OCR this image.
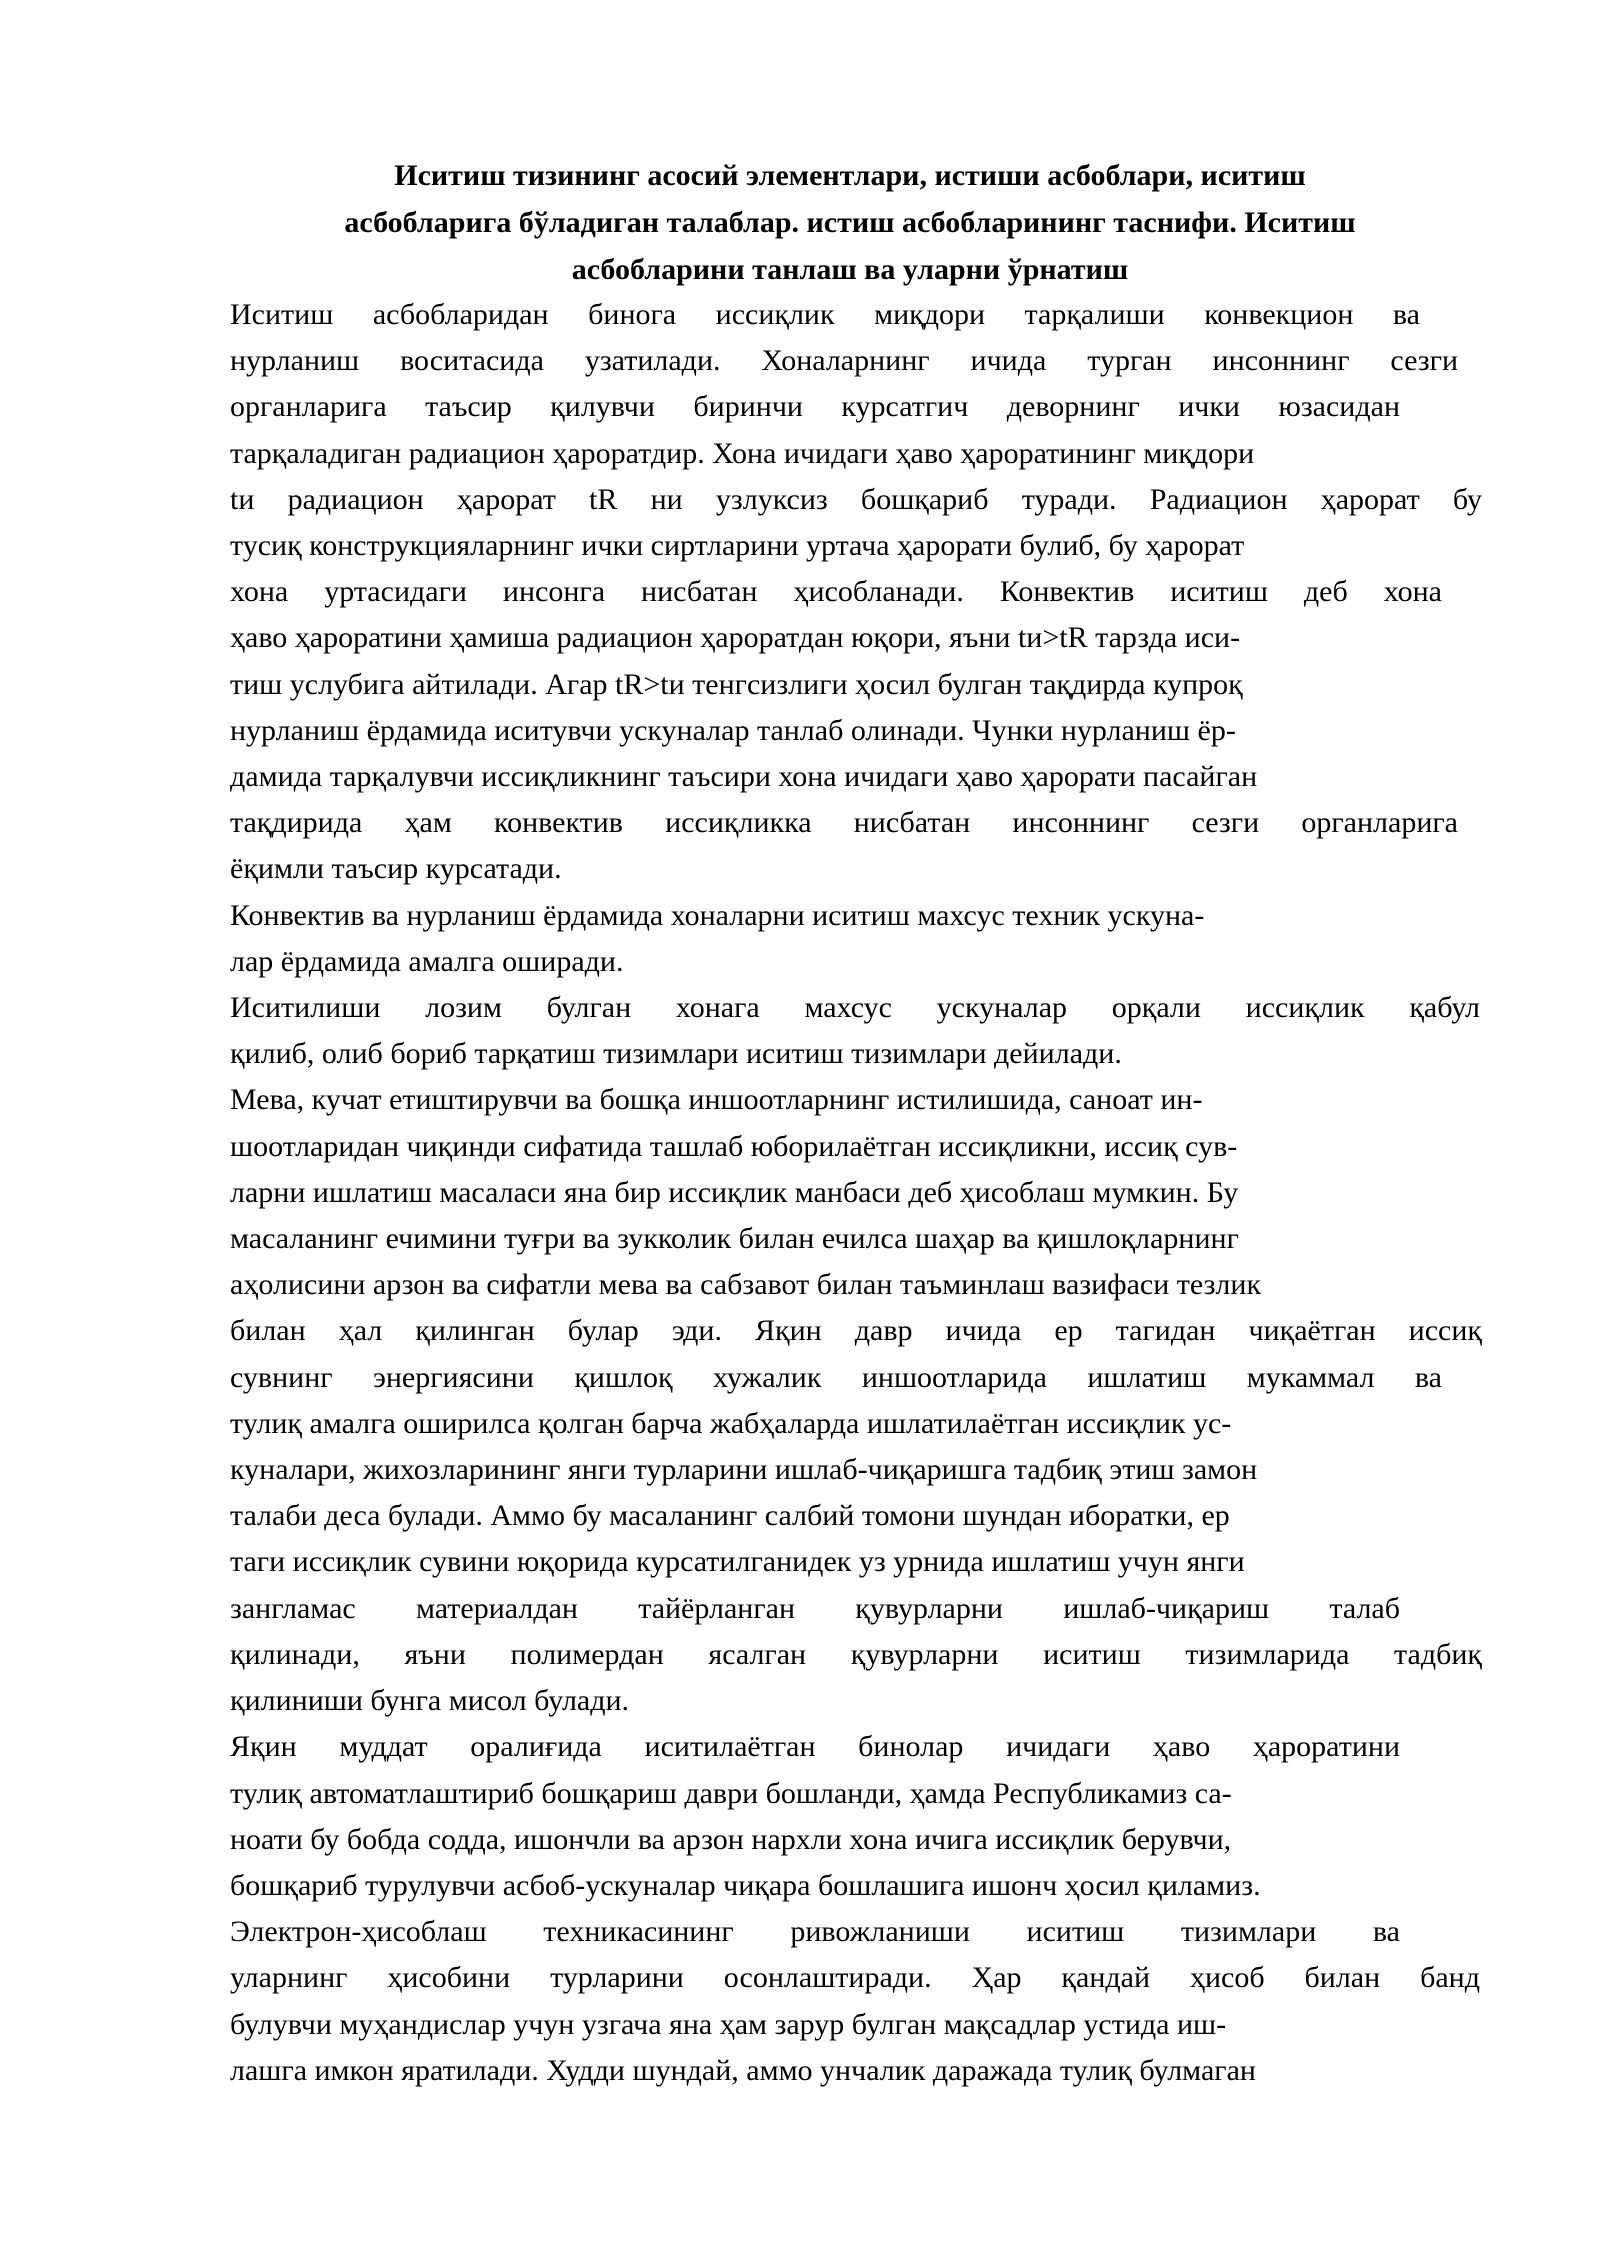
Иситиш тизининг асосий элементлари, истиши асбоблари, иситиш
асбобларига бўладиган талаблар. истиш асбобларининг таснифи. Иситиш
асбобларини танлаш ва уларни ўрнатиш
Иситиш асбобларидан бинога иссиқлик миқдори тарқалиши конвекцион ва
нурланиш воситасида узатилади. Хоналарнинг ичида турган инсоннинг сезги
органларига таъсир қилувчи биринчи курсатгич деворнинг ички юзасидан
тарқаладиган радиацион ҳароратдир. Хона ичидаги ҳаво ҳароратининг миқдори
tи радиацион ҳарорат tR ни узлуксиз бошқариб туради. Радиацион ҳарорат бу
тусиқ конструкцияларнинг ички сиртларини уртача ҳарорати булиб, бу ҳарорат
хона уртасидаги инсонга нисбатан ҳисобланади. Конвектив иситиш деб хона
ҳаво ҳароратини ҳамиша радиацион ҳароратдан юқори, яъни tи>tR тарзда иси-
тиш услубига айтилади. Агар tR>tи тенгсизлиги ҳосил булган тақдирда купроқ
нурланиш ёрдамида иситувчи ускуналар танлаб олинади. Чунки нурланиш ёр-
дамида тарқалувчи иссиқликнинг таъсири хона ичидаги ҳаво ҳарорати пасайган
тақдирида ҳам конвектив иссиқликка нисбатан инсоннинг сезги органларига
ёқимли таъсир курсатади.
Конвектив ва нурланиш ёрдамида хоналарни иситиш махсус техник ускуна-
лар ёрдамида амалга оширади.
Иситилиши лозим булган хонага махсус ускуналар орқали иссиқлик қабул
қилиб, олиб бориб тарқатиш тизимлари иситиш тизимлари дейилади.
Мева, кучат етиштирувчи ва бошқа иншоотларнинг истилишида, саноат ин-
шоотларидан чиқинди сифатида ташлаб юборилаётган иссиқликни, иссиқ сув-
ларни ишлатиш масаласи яна бир иссиқлик манбаси деб ҳисоблаш мумкин. Бу
масаланинг ечимини туғри ва зукколик билан ечилса шаҳар ва қишлоқларнинг
аҳолисини арзон ва сифатли мева ва сабзавот билан таъминлаш вазифаси тезлик
билан ҳал қилинган булар эди. Яқин давр ичида ер тагидан чиқаётган иссиқ
сувнинг энергиясини қишлоқ хужалик иншоотларида ишлатиш мукаммал ва
тулиқ амалга оширилса қолган барча жабҳаларда ишлатилаётган иссиқлик ус-
куналари, жихозларининг янги турларини ишлаб-чиқаришга тадбиқ этиш замон
талаби деса булади. Аммо бу масаланинг салбий томони шундан иборатки, ер
таги иссиқлик сувини юқорида курсатилганидек уз урнида ишлатиш учун янги
зангламас материалдан тайёрланган қувурларни ишлаб-чиқариш талаб
қилинади, яъни полимердан ясалган қувурларни иситиш тизимларида тадбиқ
қилиниши бунга мисол булади.
Яқин муддат оралиғида иситилаётган бинолар ичидаги ҳаво ҳароратини
тулиқ автоматлаштириб бошқариш даври бошланди, ҳамда Республикамиз са-
ноати бу бобда содда, ишончли ва арзон нархли хона ичига иссиқлик берувчи,
бошқариб турулувчи асбоб-ускуналар чиқара бошлашига ишонч ҳосил қиламиз.
Электрон-ҳисоблаш техникасининг ривожланиши иситиш тизимлари ва
уларнинг ҳисобини турларини осонлаштиради. Ҳар қандай ҳисоб билан банд
булувчи муҳандислар учун узгача яна ҳам зарур булган мақсадлар устида иш-
лашга имкон яратилади. Худди шундай, аммо унчалик даражада тулиқ булмаган
